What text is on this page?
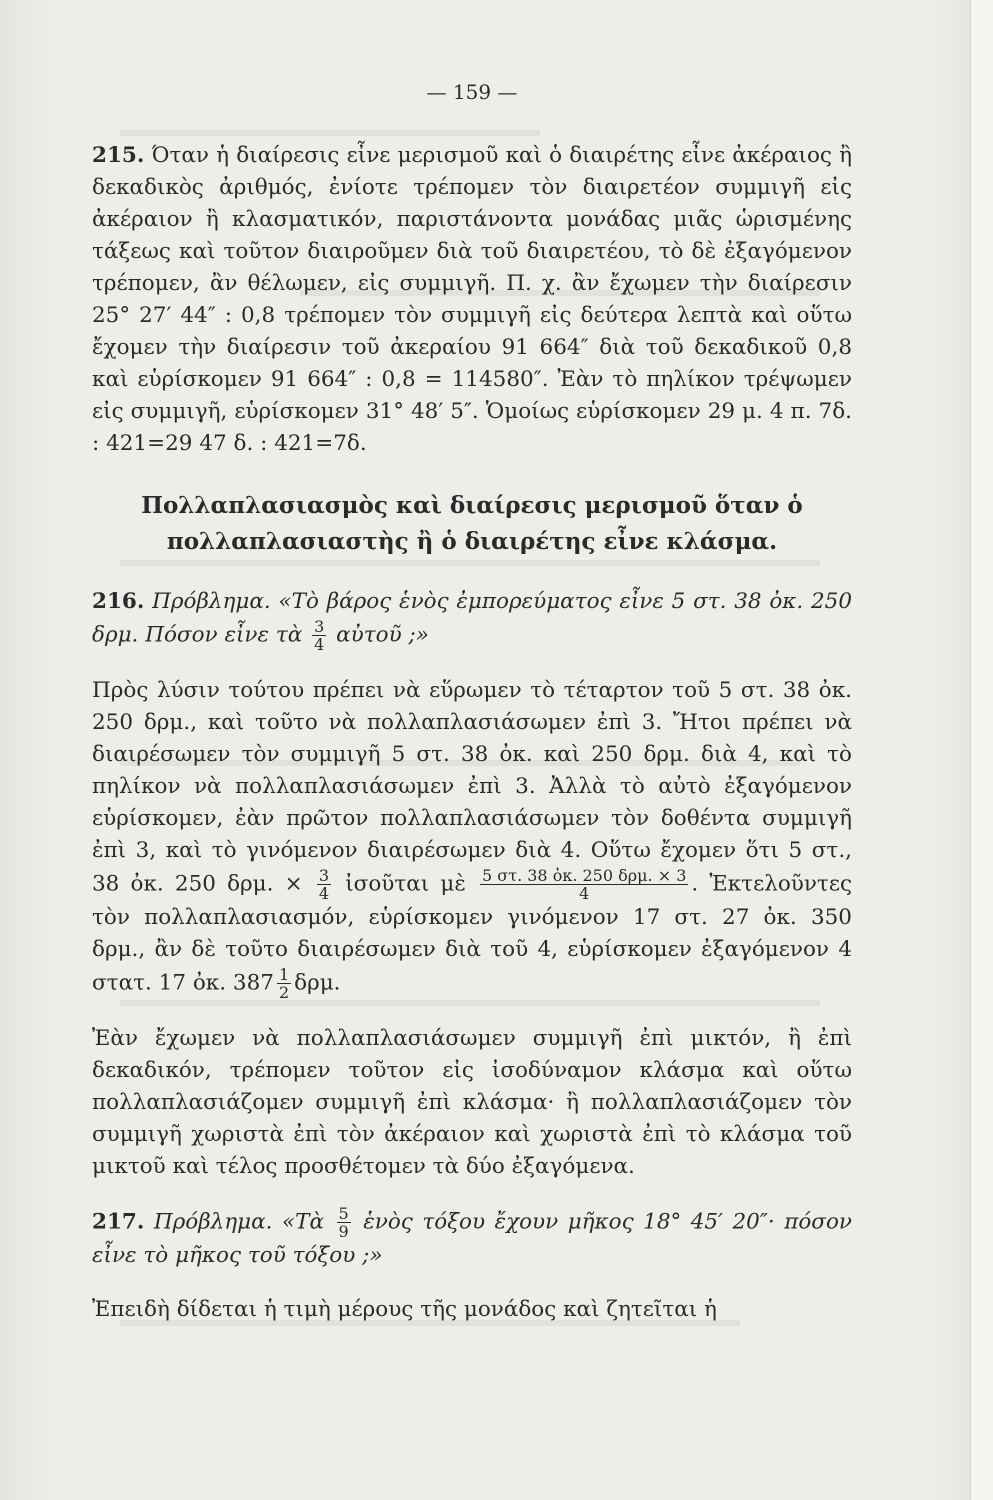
— 159 —

215. Όταν ἡ διαίρεσις εἶνε μερισμοῦ καὶ ὁ διαιρέτης εἶνε ἀκέραιος ἢ δεκαδικὸς ἀριθμός, ἐνίοτε τρέπομεν τὸν διαιρετέον συμμιγῆ εἰς ἀκέραιον ἢ κλασματικόν, παριστάνοντα μονάδας μιᾶς ὡρισμένης τάξεως καὶ τοῦτον διαιροῦμεν διὰ τοῦ διαιρετέου, τὸ δὲ ἐξαγόμενον τρέπομεν, ἂν θέλωμεν, εἰς συμμιγῆ. Π. χ. ἂν ἔχωμεν τὴν διαίρεσιν 25° 27′ 44″ : 0,8 τρέπομεν τὸν συμμιγῆ εἰς δεύτερα λεπτὰ καὶ οὕτω ἔχομεν τὴν διαίρεσιν τοῦ ἀκεραίου 91 664″ διὰ τοῦ δεκαδικοῦ 0,8 καὶ εὑρίσκομεν 91 664″ : 0,8 = 114580″. Ἐὰν τὸ πηλίκον τρέψωμεν εἰς συμμιγῆ, εὑρίσκομεν 31° 48′ 5″. Ὁμοίως εὑρίσκομεν 29 μ. 4 π. 7δ. : 421=29 47 δ. : 421=7δ.

Πολλαπλασιασμὸς καὶ διαίρεσις μερισμοῦ ὅταν ὁ πολλαπλασιαστὴς ἢ ὁ διαιρέτης εἶνε κλάσμα.

216. Πρόβλημα. «Τὸ βάρος ἑνὸς ἐμπορεύματος εἶνε 5 στ. 38 ὀκ. 250 δρμ. Πόσον εἶνε τὰ $\frac{3}{4}$ αὐτοῦ ;»

Πρὸς λύσιν τούτου πρέπει νὰ εὕρωμεν τὸ τέταρτον τοῦ 5 στ. 38 ὀκ. 250 δρμ., καὶ τοῦτο νὰ πολλαπλασιάσωμεν ἐπὶ 3. Ἤτοι πρέπει νὰ διαιρέσωμεν τὸν συμμιγῆ 5 στ. 38 ὀκ. καὶ 250 δρμ. διὰ 4, καὶ τὸ πηλίκον νὰ πολλαπλασιάσωμεν ἐπὶ 3. Ἀλλὰ τὸ αὐτὸ ἐξαγόμενον εὑρίσκομεν, ἐὰν πρῶτον πολλαπλασιάσωμεν τὸν δοθέντα συμμιγῆ ἐπὶ 3, καὶ τὸ γινόμενον διαιρέσωμεν διὰ 4. Οὕτω ἔχομεν ὅτι 5 στ., 38 ὀκ. 250 δρμ. × $\frac{3}{4}$ ἰσοῦται μὲ $\frac{\text{5 στ. 38 ὀκ. 250 δρμ. × 3}}{4}$ . Ἐκτελοῦντες τὸν πολλαπλασιασμόν, εὑρίσκομεν γινόμενον 17 στ. 27 ὀκ. 350 δρμ., ἂν δὲ τοῦτο διαιρέσωμεν διὰ τοῦ 4, εὑρίσκομεν ἐξαγόμενον 4 στατ. 17 ὀκ. $387 \frac{1}{2} \delta\rho\mu$.

Ἐὰν ἔχωμεν νὰ πολλαπλασιάσωμεν συμμιγῆ ἐπὶ μικτόν, ἢ ἐπὶ δεκαδικόν, τρέπομεν τοῦτον εἰς ἰσοδύναμον κλάσμα καὶ οὕτω πολλαπλασιάζομεν συμμιγῆ ἐπὶ κλάσμα· ἢ πολλαπλασιάζομεν τὸν συμμιγῆ χωριστὰ ἐπὶ τὸν ἀκέραιον καὶ χωριστὰ ἐπὶ τὸ κλάσμα τοῦ μικτοῦ καὶ τέλος προσθέτομεν τὰ δύο ἐξαγόμενα.

217. Πρόβλημα. «Τὰ $\frac{5}{9}$ ἑνὸς τόξου ἔχουν μῆκος 18° 45′ 20″· πόσον εἶνε τὸ μῆκος τοῦ τόξου ;»

Ἐπειδὴ δίδεται ἡ τιμὴ μέρους τῆς μονάδος καὶ ζητεῖται ἡ
